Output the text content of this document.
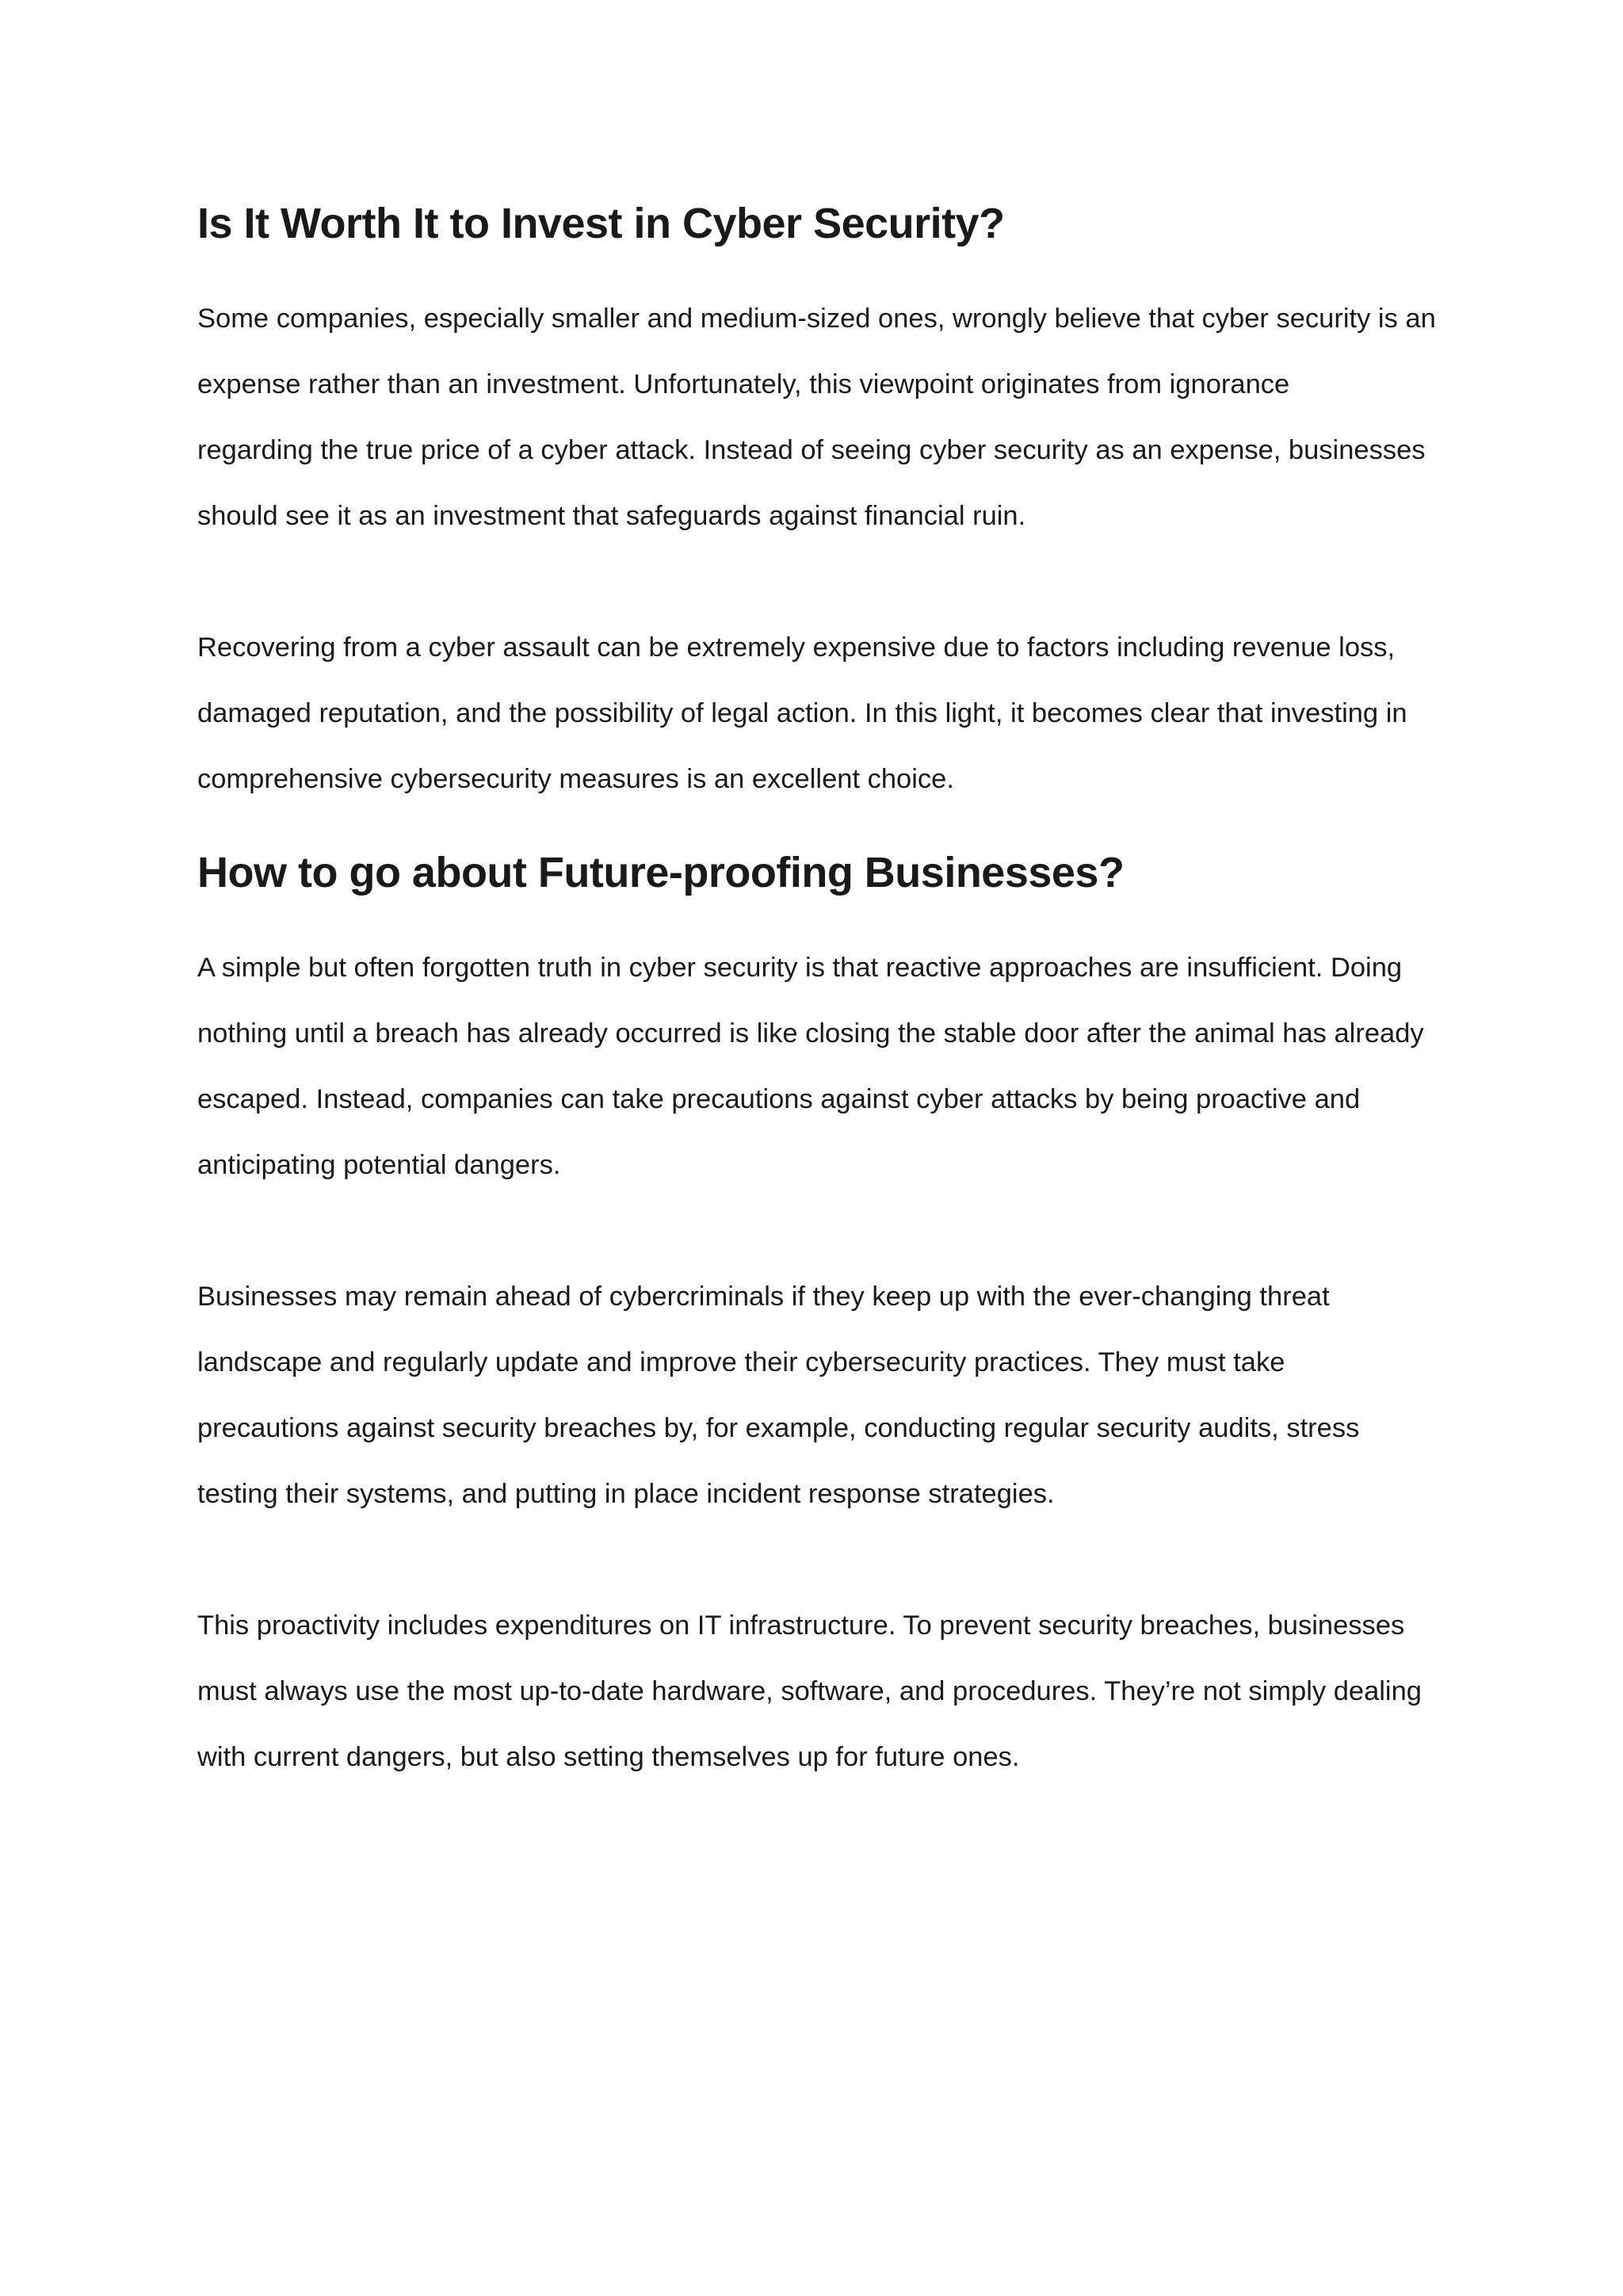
Is It Worth It to Invest in Cyber Security?
Some companies, especially smaller and medium-sized ones, wrongly believe that cyber security is an
expense rather than an investment. Unfortunately, this viewpoint originates from ignorance
regarding the true price of a cyber attack. Instead of seeing cyber security as an expense, businesses
should see it as an investment that safeguards against financial ruin.
Recovering from a cyber assault can be extremely expensive due to factors including revenue loss,
damaged reputation, and the possibility of legal action. In this light, it becomes clear that investing in
comprehensive cybersecurity measures is an excellent choice.
How to go about Future-proofing Businesses?
A simple but often forgotten truth in cyber security is that reactive approaches are insufficient. Doing
nothing until a breach has already occurred is like closing the stable door after the animal has already
escaped. Instead, companies can take precautions against cyber attacks by being proactive and
anticipating potential dangers.
Businesses may remain ahead of cybercriminals if they keep up with the ever-changing threat
landscape and regularly update and improve their cybersecurity practices. They must take
precautions against security breaches by, for example, conducting regular security audits, stress
testing their systems, and putting in place incident response strategies.
This proactivity includes expenditures on IT infrastructure. To prevent security breaches, businesses
must always use the most up-to-date hardware, software, and procedures. They’re not simply dealing
with current dangers, but also setting themselves up for future ones.
